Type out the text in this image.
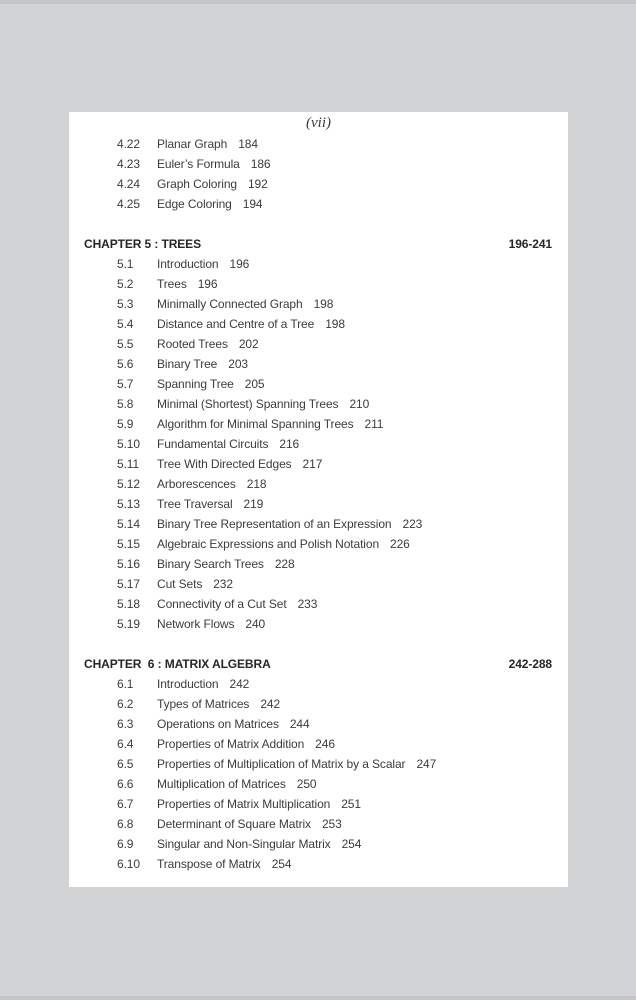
(vii)
4.22	Planar Graph 184
4.23	Euler’s Formula 186
4.24	Graph Coloring 192
4.25	Edge Coloring 194
CHAPTER 5 : TREES	196-241
5.1	Introduction 196
5.2	Trees 196
5.3	Minimally Connected Graph 198
5.4	Distance and Centre of a Tree 198
5.5	Rooted Trees 202
5.6	Binary Tree 203
5.7	Spanning Tree 205
5.8	Minimal (Shortest) Spanning Trees 210
5.9	Algorithm for Minimal Spanning Trees 211
5.10	Fundamental Circuits 216
5.11	Tree With Directed Edges 217
5.12	Arborescences 218
5.13	Tree Traversal 219
5.14	Binary Tree Representation of an Expression 223
5.15	Algebraic Expressions and Polish Notation 226
5.16	Binary Search Trees 228
5.17	Cut Sets 232
5.18	Connectivity of a Cut Set 233
5.19	Network Flows 240
CHAPTER  6 : MATRIX ALGEBRA	242-288
6.1	Introduction 242
6.2	Types of Matrices 242
6.3	Operations on Matrices 244
6.4	Properties of Matrix Addition 246
6.5	Properties of Multiplication of Matrix by a Scalar 247
6.6	Multiplication of Matrices 250
6.7	Properties of Matrix Multiplication 251
6.8	Determinant of Square Matrix 253
6.9	Singular and Non-Singular Matrix 254
6.10	Transpose of Matrix 254
